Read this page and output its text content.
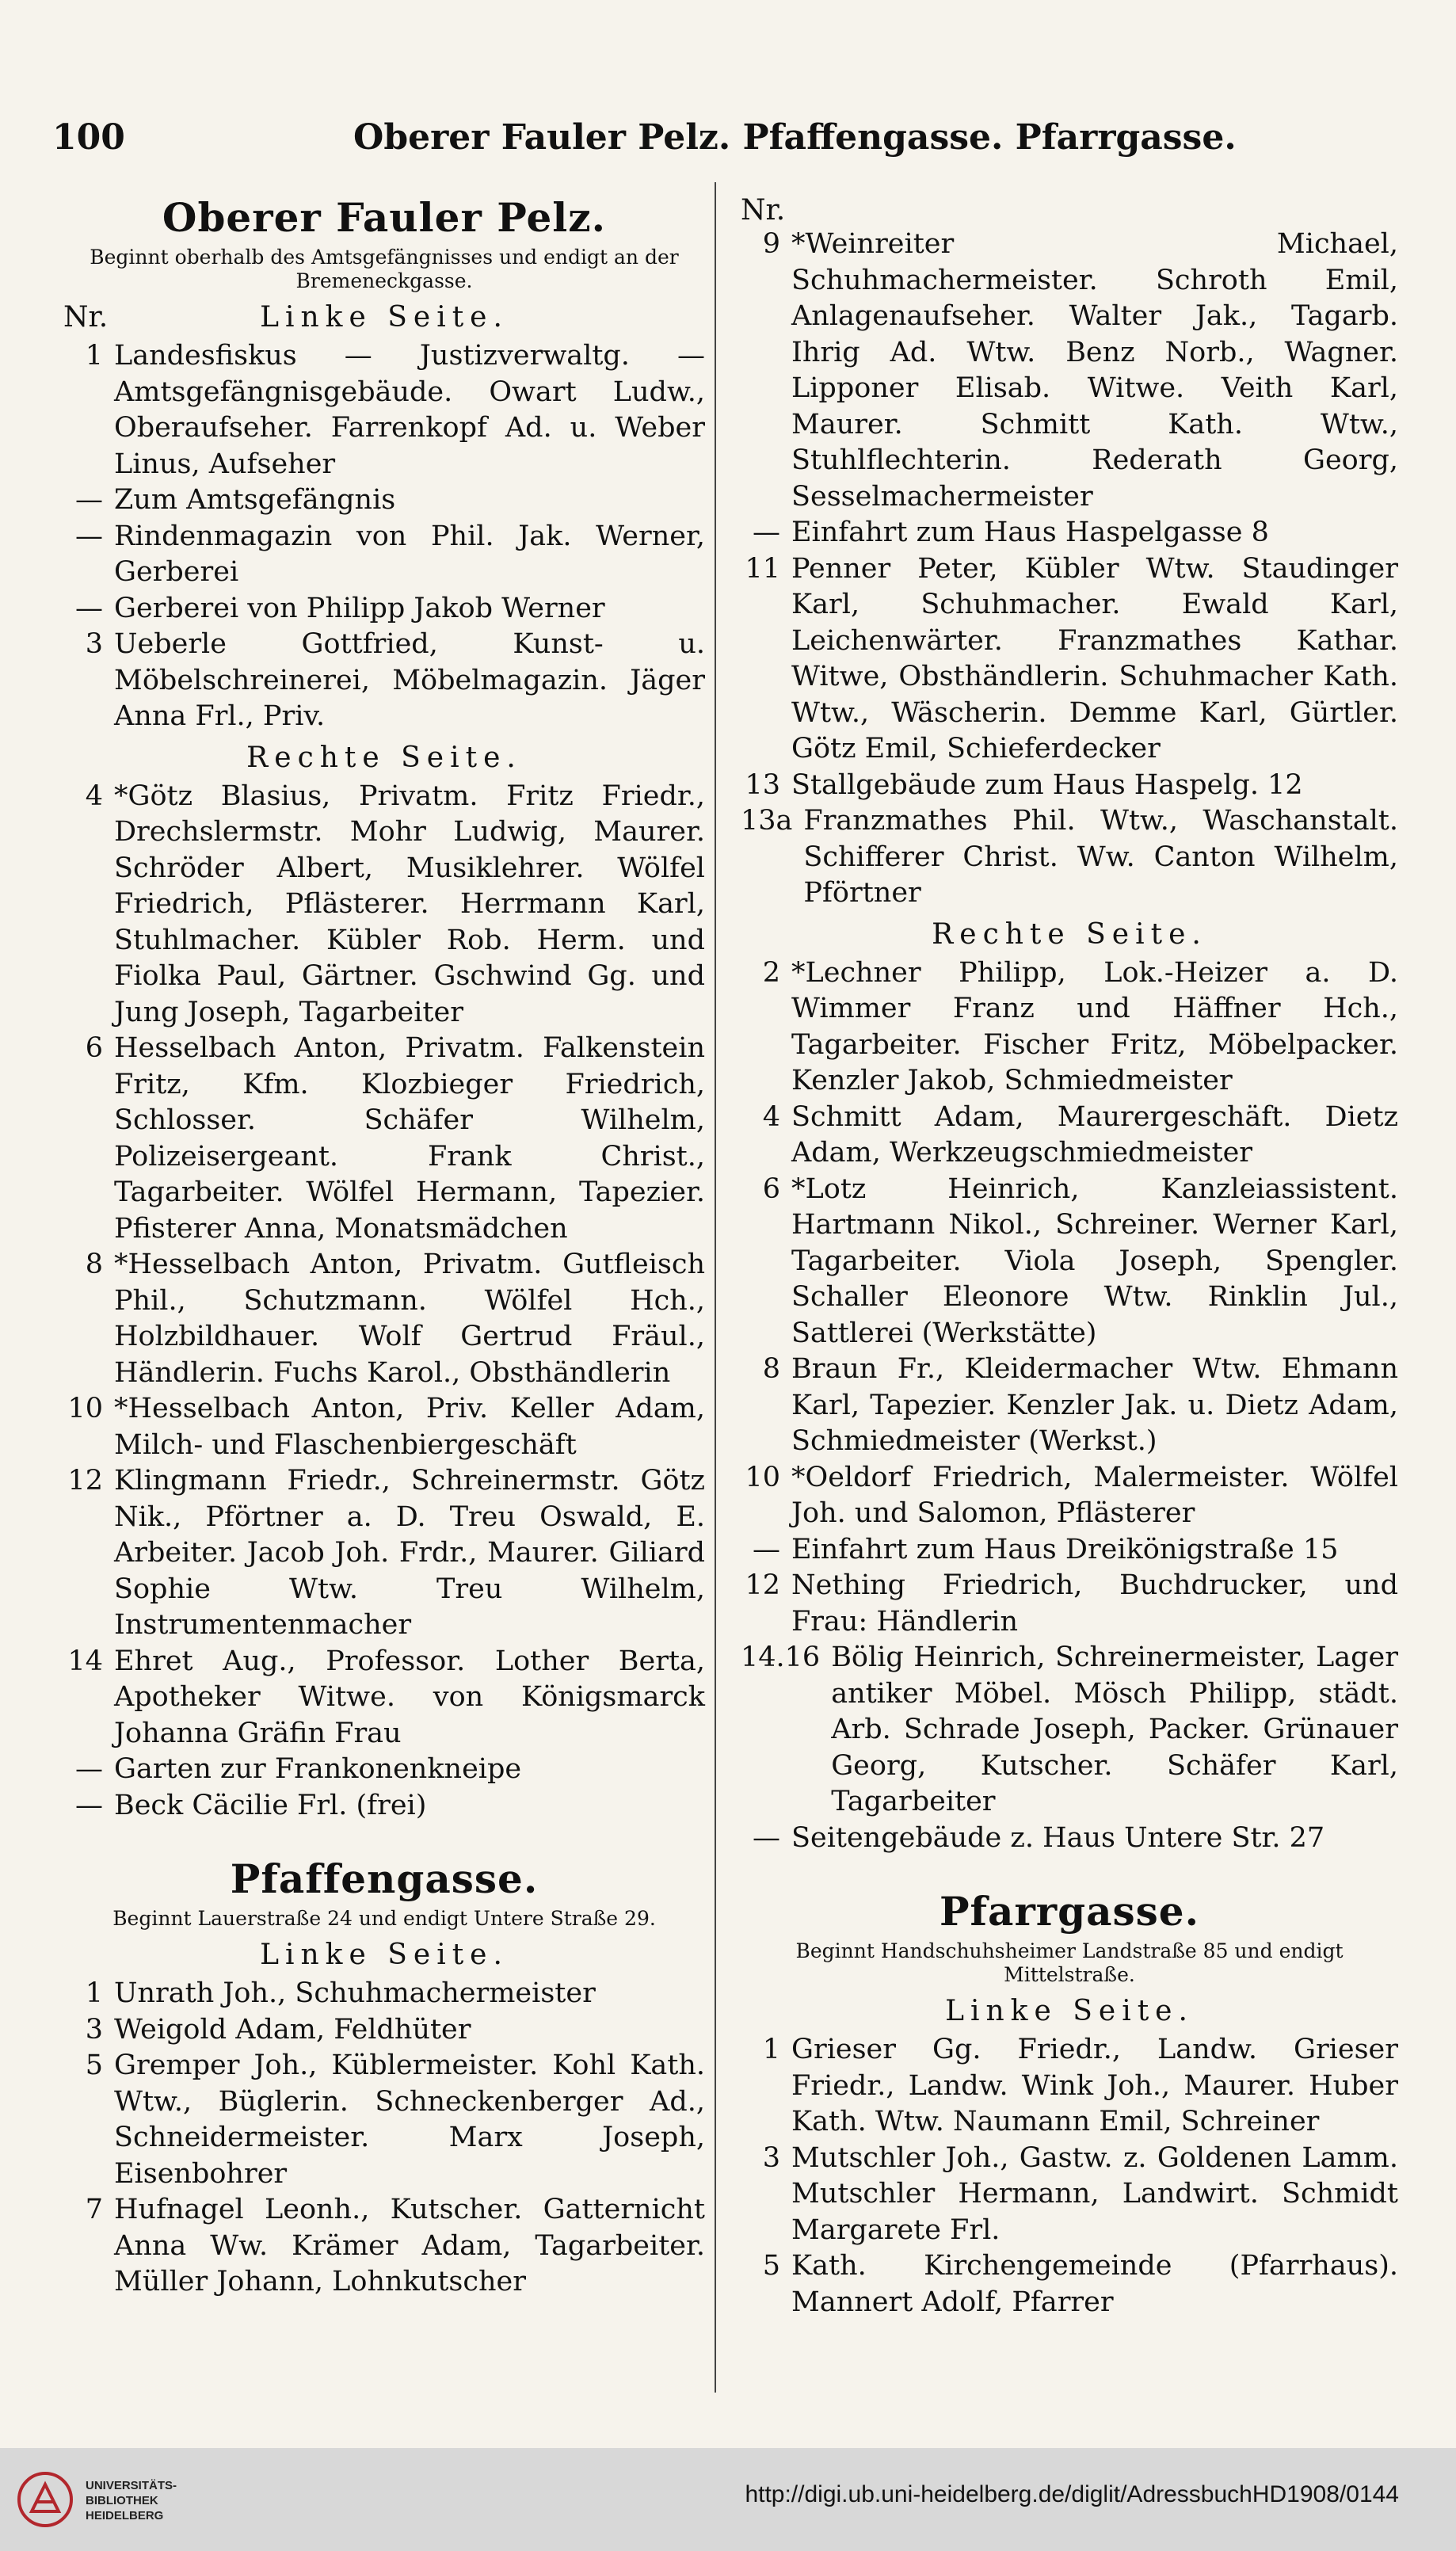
100	Oberer Fauler Pelz. Pfaffengasse. Pfarrgasse.
Oberer Fauler Pelz.
Beginnt oberhalb des Amtsgefängnisses und endigt an der Bremeneckgasse.
Nr.	Linke Seite.
1 Landesfiskus — Justizverwaltg. — Amtsgefängnisgebäude. Owart Ludw., Oberaufseher. Farrenkopf Ad. u. Weber Linus, Aufseher
— Zum Amtsgefängnis
— Rindenmagazin von Phil. Jak. Werner, Gerberei
— Gerberei von Philipp Jakob Werner
3 Ueberle Gottfried, Kunst- u. Möbelschreinerei, Möbelmagazin. Jäger Anna Frl., Priv.
Rechte Seite.
4 *Götz Blasius, Privatm. Fritz Friedr., Drechslermstr. Mohr Ludwig, Maurer. Schröder Albert, Musiklehrer. Wölfel Friedrich, Pflästerer. Herrmann Karl, Stuhlmacher. Kübler Rob. Herm. und Fiolka Paul, Gärtner. Gschwind Gg. und Jung Joseph, Tagarbeiter
6 Hesselbach Anton, Privatm. Falkenstein Fritz, Kfm. Klozbieger Friedrich, Schlosser. Schäfer Wilhelm, Polizeisergeant. Frank Christ., Tagarbeiter. Wölfel Hermann, Tapezier. Pfisterer Anna, Monatsmädchen
8 *Hesselbach Anton, Privatm. Gutfleisch Phil., Schutzmann. Wölfel Hch., Holzbildhauer. Wolf Gertrud Fräul., Händlerin. Fuchs Karol., Obsthändlerin
10 *Hesselbach Anton, Priv. Keller Adam, Milch- und Flaschenbiergeschäft
12 Klingmann Friedr., Schreinermstr. Götz Nik., Pförtner a. D. Treu Oswald, E. Arbeiter. Jacob Joh. Frdr., Maurer. Giliard Sophie Wtw. Treu Wilhelm, Instrumentenmacher
14 Ehret Aug., Professor. Lother Berta, Apotheker Witwe. von Königsmarck Johanna Gräfin Frau
— Garten zur Frankonenkneipe
— Beck Cäcilie Frl. (frei)
Pfaffengasse.
Beginnt Lauerstraße 24 und endigt Untere Straße 29.
Linke Seite.
1 Unrath Joh., Schuhmachermeister
3 Weigold Adam, Feldhüter
5 Gremper Joh., Küblermeister. Kohl Kath. Wtw., Büglerin. Schneckenberger Ad., Schneidermeister. Marx Joseph, Eisenbohrer
7 Hufnagel Leonh., Kutscher. Gatternicht Anna Ww. Krämer Adam, Tagarbeiter. Müller Johann, Lohnkutscher
Nr.
9 *Weinreiter Michael, Schuhmachermeister. Schroth Emil, Anlagenaufseher. Walter Jak., Tagarb. Ihrig Ad. Wtw. Benz Norb., Wagner. Lipponer Elisab. Witwe. Veith Karl, Maurer. Schmitt Kath. Wtw., Stuhlflechterin. Rederath Georg, Sesselmachermeister
— Einfahrt zum Haus Haspelgasse 8
11 Penner Peter, Kübler Wtw. Staudinger Karl, Schuhmacher. Ewald Karl, Leichenwärter. Franzmathes Kathar. Witwe, Obsthändlerin. Schuhmacher Kath. Wtw., Wäscherin. Demme Karl, Gürtler. Götz Emil, Schieferdecker
13 Stallgebäude zum Haus Haspelg. 12
13a Franzmathes Phil. Wtw., Waschanstalt. Schifferer Christ. Ww. Canton Wilhelm, Pförtner
Rechte Seite.
2 *Lechner Philipp, Lok.-Heizer a. D. Wimmer Franz und Häffner Hch., Tagarbeiter. Fischer Fritz, Möbelpacker. Kenzler Jakob, Schmiedmeister
4 Schmitt Adam, Maurergeschäft. Dietz Adam, Werkzeugschmiedmeister
6 *Lotz Heinrich, Kanzleiassistent. Hartmann Nikol., Schreiner. Werner Karl, Tagarbeiter. Viola Joseph, Spengler. Schaller Eleonore Wtw. Rinklin Jul., Sattlerei (Werkstätte)
8 Braun Fr., Kleidermacher Wtw. Ehmann Karl, Tapezier. Kenzler Jak. u. Dietz Adam, Schmiedmeister (Werkst.)
10 *Oeldorf Friedrich, Malermeister. Wölfel Joh. und Salomon, Pflästerer
— Einfahrt zum Haus Dreikönigstraße 15
12 Nething Friedrich, Buchdrucker, und Frau: Händlerin
14.16 Bölig Heinrich, Schreinermeister, Lager antiker Möbel. Mösch Philipp, städt. Arb. Schrade Joseph, Packer. Grünauer Georg, Kutscher. Schäfer Karl, Tagarbeiter
— Seitengebäude z. Haus Untere Str. 27
Pfarrgasse.
Beginnt Handschuhsheimer Landstraße 85 und endigt Mittelstraße.
Linke Seite.
1 Grieser Gg. Friedr., Landw. Grieser Friedr., Landw. Wink Joh., Maurer. Huber Kath. Wtw. Naumann Emil, Schreiner
3 Mutschler Joh., Gastw. z. Goldenen Lamm. Mutschler Hermann, Landwirt. Schmidt Margarete Frl.
5 Kath. Kirchengemeinde (Pfarrhaus). Mannert Adolf, Pfarrer
UNIVERSITÄTS-
BIBLIOTHEK
HEIDELBERG
http://digi.ub.uni-heidelberg.de/diglit/AdressbuchHD1908/0144
